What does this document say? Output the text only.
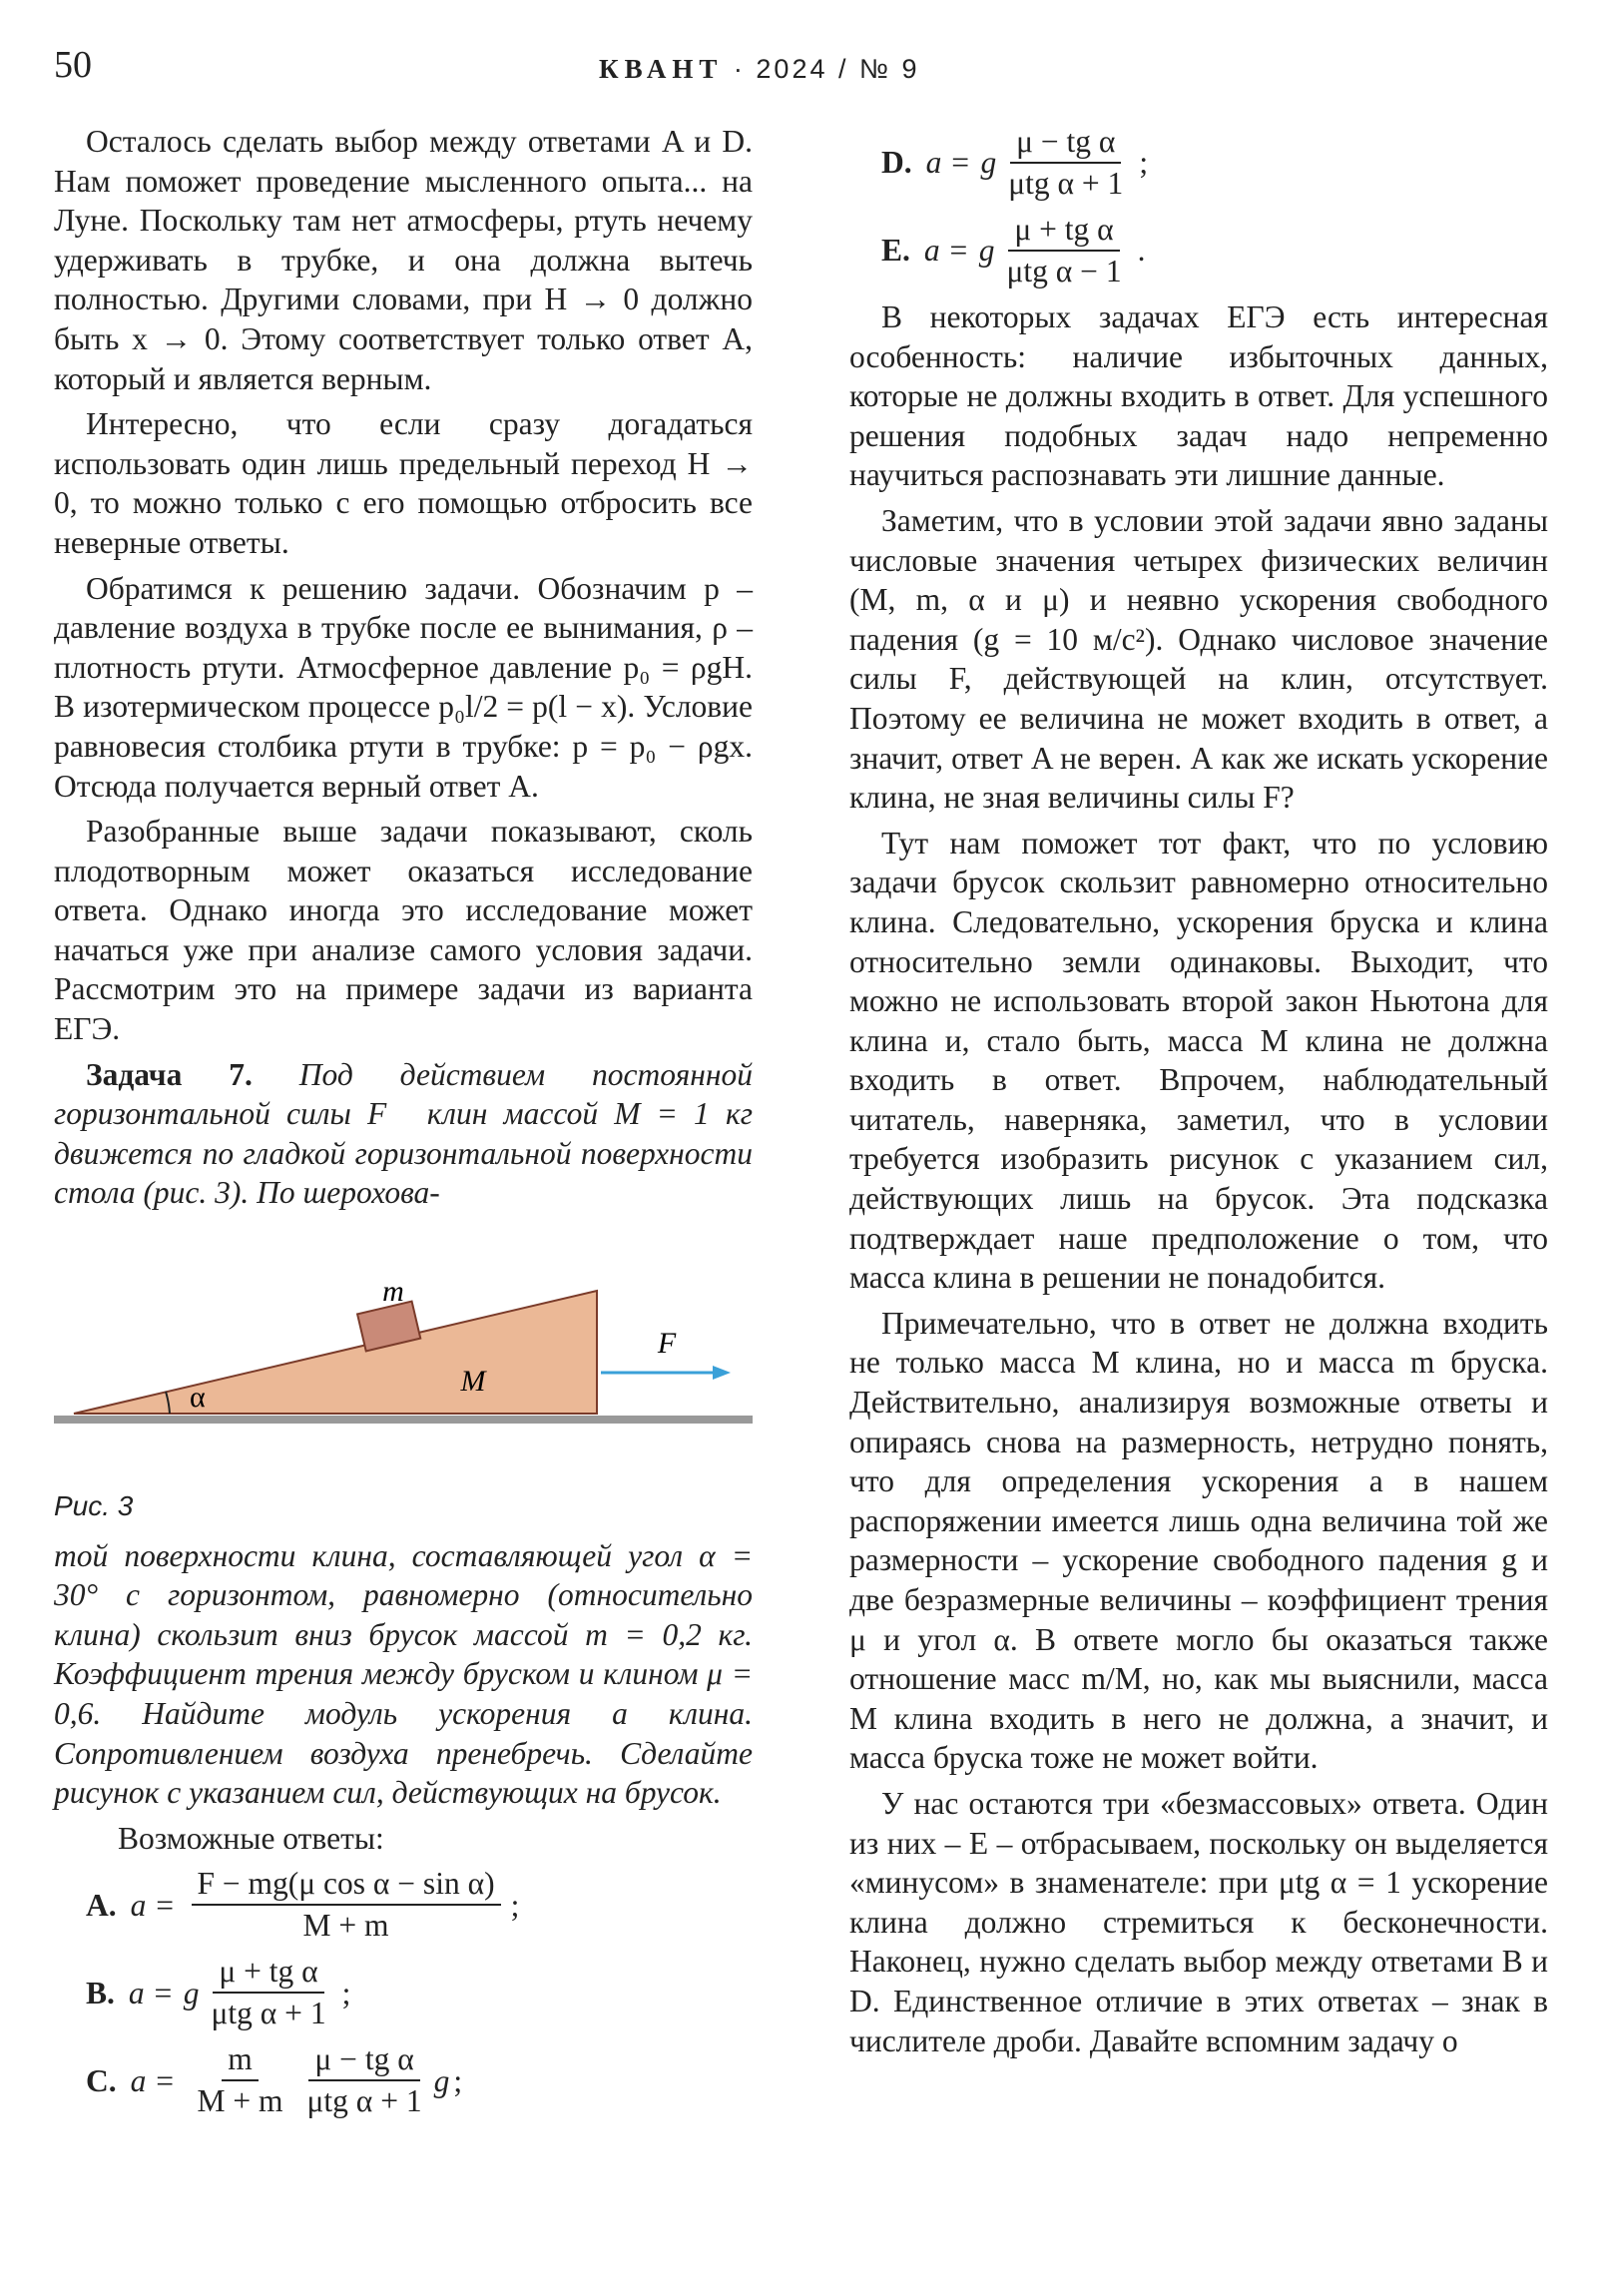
50	КВАНТ · 2024 / № 9

Осталось сделать выбор между ответами A и D. Нам поможет проведение мысленного опыта... на Луне. Поскольку там нет атмосферы, ртуть нечему удерживать в трубке, и она должна вытечь полностью. Другими словами, при H → 0 должно быть x → 0. Этому соответствует только ответ A, который и является верным.

Интересно, что если сразу догадаться использовать один лишь предельный переход H → 0, то можно только с его помощью отбросить все неверные ответы.

Обратимся к решению задачи. Обозначим p – давление воздуха в трубке после ее вынимания, ρ – плотность ртути. Атмосферное давление p₀ = ρgH. В изотермическом процессе p₀l/2 = p(l − x). Условие равновесия столбика ртути в трубке: p = p₀ − ρgx. Отсюда получается верный ответ A.

Разобранные выше задачи показывают, сколь плодотворным может оказаться исследование ответа. Однако иногда это исследование может начаться уже при анализе самого условия задачи. Рассмотрим это на примере задачи из варианта ЕГЭ.

Задача 7. Под действием постоянной горизонтальной силы F⃗ клин массой M = 1 кг движется по гладкой горизонтальной поверхности стола (рис. 3). По шерохова-

m
M
F
α
Рис. 3

той поверхности клина, составляющей угол α = 30° с горизонтом, равномерно (относительно клина) скользит вниз брусок массой m = 0,2 кг. Коэффициент трения между бруском и клином μ = 0,6. Найдите модуль ускорения a клина. Сопротивлением воздуха пренебречь. Сделайте рисунок с указанием сил, действующих на брусок.

Возможные ответы:

A. $a = \frac{\text{F − mg(μ cos α − sin α)}}{M + m}$ ;
B. a = g $\frac{\text{μ + tg α}}{\text{μtg α + 1}}$ ;
C. $a = \frac{m}{M + m} \frac{\text{μ − tg α}}{\text{μtg α + 1}}$ g ;
D. a = g $\frac{\text{μ − tg α}}{\text{μtg α + 1}}$ ;
E. a = g $\frac{\text{μ + tg α}}{\text{μtg α − 1}}$ .

В некоторых задачах ЕГЭ есть интересная особенность: наличие избыточных данных, которые не должны входить в ответ. Для успешного решения подобных задач надо непременно научиться распознавать эти лишние данные.

Заметим, что в условии этой задачи явно заданы числовые значения четырех физических величин (M, m, α и μ) и неявно ускорения свободного падения (g = 10 м/с²). Однако числовое значение силы F, действующей на клин, отсутствует. Поэтому ее величина не может входить в ответ, а значит, ответ A не верен. А как же искать ускорение клина, не зная величины силы F?

Тут нам поможет тот факт, что по условию задачи брусок скользит равномерно относительно клина. Следовательно, ускорения бруска и клина относительно земли одинаковы. Выходит, что можно не использовать второй закон Ньютона для клина и, стало быть, масса M клина не должна входить в ответ. Впрочем, наблюдательный читатель, наверняка, заметил, что в условии требуется изобразить рисунок с указанием сил, действующих лишь на брусок. Эта подсказка подтверждает наше предположение о том, что масса клина в решении не понадобится.

Примечательно, что в ответ не должна входить не только масса M клина, но и масса m бруска. Действительно, анализируя возможные ответы и опираясь снова на размерность, нетрудно понять, что для определения ускорения a в нашем распоряжении имеется лишь одна величина той же размерности – ускорение свободного падения g и две безразмерные величины – коэффициент трения μ и угол α. В ответе могло бы оказаться также отношение масс m/M, но, как мы выяснили, масса M клина входить в него не должна, а значит, и масса бруска тоже не может войти.

У нас остаются три «безмассовых» ответа. Один из них – E – отбрасываем, поскольку он выделяется «минусом» в знаменателе: при μtg α = 1 ускорение клина должно стремиться к бесконечности. Наконец, нужно сделать выбор между ответами B и D. Единственное отличие в этих ответах – знак в числителе дроби. Давайте вспомним задачу о
